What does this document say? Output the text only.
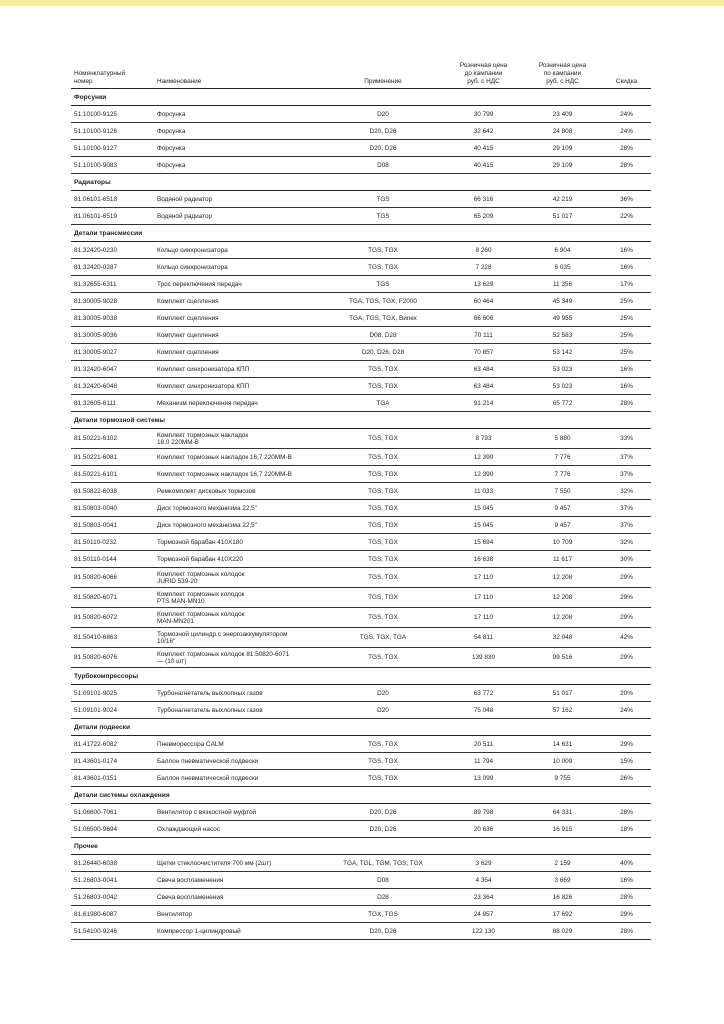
Номенклатурный
номер	Наименование	Применение
Розничная цена
до кампании
руб. с НДС
Розничная цена
по кампании
руб. с НДС	Скидка
Форсунки
51.10100-9125	Форсунка	D20	30 799	23 409	24%
51.10100-9126	Форсунка	D20, D26	32 642	24 808	24%
51.10100-9127	Форсунка	D20, D26	40 415	29 109	28%
51.10100-9083	Форсунка	D08	40 415	29 109	28%
Радиаторы
81.06101-6518	Водяной радиатор	TGS	66 316	42 219	36%
81.06101-6519	Водяной радиатор	TGS	65 209	51 017	22%
Детали трансмиссии
81.32420-0230	Кольцо синхронизатора	TGS, TGX	8 260	6 904	16%
81.32420-0287	Кольцо синхронизатора	TGS, TGX	7 228	6 035	16%
81.32655-6311	Трос переключения передач	TGS	13 629	11 356	17%
81.30005-9028	Комплект сцепления	TGA, TGS, TGX, F2000	60 464	45 349	25%
81.30005-9038	Комплект сцепления	TGA, TGS, TGX, Випех	66 606	49 955	25%
81.30005-9036	Комплект сцепления	D08, D28	70 111	52 583	25%
81.30005-9027	Комплект сцепления	D20, D26, D28	70 857	53 142	25%
81.32420-6047	Комплект синхронизатора КПП	TGS, TGX	63 484	53 023	16%
81.32420-6048	Комплект синхронизатора КПП	TGS, TGX	63 484	53 023	16%
81.32605-6111	Механизм переключения передач	TGA	91 214	65 772	28%
Детали тормозной системы
81.50221-6102	Комплект тормозных накладок
18.0 220MM-B	TGS, TGX	8 793	5 880	33%
81.50221-6081	Комплект тормозных накладок 16,7 220MM-B	TGS, TGX	12 390	7 776	37%
81.50221-6101	Комплект тормозных накладок 16,7 220MM-B	TGS, TGX	12 390	7 776	37%
81.50822-6038	Ремкомплект дисковых тормозов	TGS, TGX	11 033	7 550	32%
81.50803-0040	Диск тормозного механизма 22,5"	TGS, TGX	15 045	9 457	37%
81.50803-0041	Диск тормозного механизма 22,5"	TGS, TGX	15 045	9 457	37%
81.50110-0232	Тормозной барабан 410X180	TGS, TGX	15 694	10 709	32%
81.50110-0144	Тормозной барабан 410X220	TGS, TGX	16 638	11 617	30%
81.50820-6066	Комплект тормозных колодок
JURID 539-20	TGS, TGX	17 110	12 208	29%
81.50820-6071	Комплект тормозных колодок
PTS MAN-MN10	TGS, TGX	17 110	12 208	29%
81.50820-6072	Комплект тормозных колодок
MAN-MN201	TGS, TGX	17 110	12 208	29%
81.50410-6863	Тормозной цилиндр с энергоаккумулятором
10/16"	TGS, TGX, TGA	54 811	32 048	42%
81.50820-6076	Комплект тормозных колодок 81.50820-6071
— (10 шт)	TGS, TGX	139 830	99 516	29%
Турбокомпрессоры
51.09101-9025	Турбонагнетатель выхлопных газов	D20	63 772	51 017	20%
51.09101-9024	Турбонагнетатель выхлопных газов	D20	75 048	57 162	24%
Детали подвески
81.41722-6082	Пневморессора CALM	TGS, TGX	20 511	14 631	29%
81.43601-0174	Баллон пневматической подвески	TGS, TGX	11 794	10 009	15%
81.43601-0151	Баллон пневматической подвески	TGS, TGX	13 099	9 755	26%
Детали системы охлаждения
51.06600-7061	Вентилятор с вязкостной муфтой	D20, D26	89 798	64 331	28%
51.06500-9694	Охлаждающий насос	D20, D26	20 636	16 915	18%
Прочее
81.26440-6038	Щетки стеклоочистителя 700 мм (2шт)	TGA, TGL, TGM, TGS, TGX	3 629	2 159	40%
51.26803-0041	Свеча воспламенения	D08	4 354	3 669	16%
51.26803-0042	Свеча воспламенения	D28	23 364	16 826	28%
81.61980-6087	Вентилятор	TGX, TGS	24 957	17 692	29%
51.54100-9246	Компрессор 1-цилиндровый	D20, D26	122 130	88 029	28%
